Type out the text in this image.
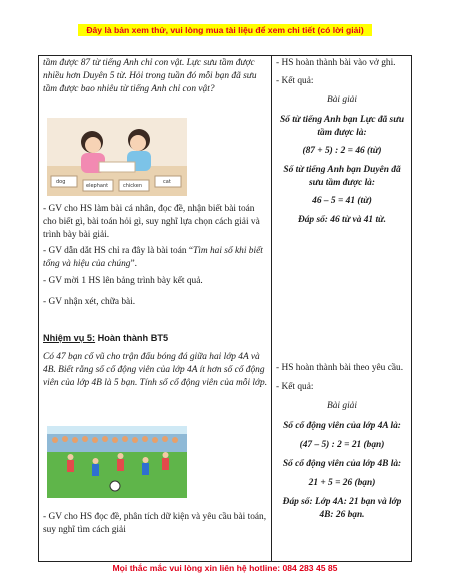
Đây là bản xem thử, vui lòng mua tài liệu để xem chi tiết (có lời giải)

tầm được 87 từ tiếng Anh chỉ con vật. Lực sưu tầm được nhiều hơn Duyên 5 từ. Hỏi trong tuần đó mỗi bạn đã sưu tầm được bao nhiêu từ tiếng Anh chỉ con vật?

dog
elephant	chicken
cat

- GV cho HS làm bài cá nhân, đọc đề, nhận biết bài toán cho biết gì, bài toán hỏi gì, suy nghĩ lựa chọn cách giải và trình bày bài giải.

- GV dẫn dắt HS chỉ ra đây là bài toán “Tìm hai số khi biết tổng và hiệu của chúng”.

- GV mời 1 HS lên bảng trình bày kết quả.

- GV nhận xét, chữa bài.

Nhiệm vụ 5: Hoàn thành BT5

Có 47 bạn cổ vũ cho trận đấu bóng đá giữa hai lớp 4A và 4B. Biết rằng số cổ động viên của lớp 4A ít hơn số cổ động viên của lớp 4B là 5 bạn. Tính số cổ động viên của mỗi lớp.

- GV cho HS đọc đề, phân tích dữ kiện và yêu cầu bài toán, suy nghĩ tìm cách giải

- HS hoàn thành bài vào vở ghi.

- Kết quả:

Bài giải

Số từ tiếng Anh bạn Lực đã sưu tầm được là:

(87 + 5) : 2 = 46 (từ)

Số từ tiếng Anh bạn Duyên đã sưu tầm được là:

46 – 5 = 41 (từ)

Đáp số: 46 từ và 41 từ.

- HS hoàn thành bài theo yêu cầu.

- Kết quả:

Bài giải

Số cổ động viên của lớp 4A là:

(47 – 5) : 2 = 21 (bạn)

Số cổ động viên của lớp 4B là:

21 + 5 = 26 (bạn)

Đáp số: Lớp 4A: 21 bạn và lớp 4B: 26 bạn.

Mọi thắc mắc vui lòng xin liên hệ hotline: 084 283 45 85
